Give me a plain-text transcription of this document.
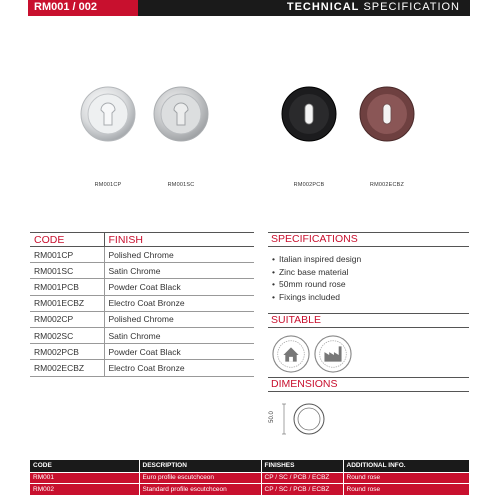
RM001 / 002	TECHNICAL SPECIFICATION
RM001CP	RM001SC	RM002PCB	RM002ECBZ
CODE	FINISH
RM001CP	Polished Chrome
RM001SC	Satin Chrome
RM001PCB	Powder Coat Black
RM001ECBZ	Electro Coat Bronze
RM002CP	Polished Chrome
RM002SC	Satin Chrome
RM002PCB	Powder Coat Black
RM002ECBZ	Electro Coat Bronze
SPECIFICATIONS
• Italian inspired design
• Zinc base material
• 50mm round rose
• Fixings included
SUITABLE
DIMENSIONS
50.0
CODE	DESCRIPTION	FINISHES	ADDITIONAL INFO.
RM001	Euro profile escutchceon	CP / SC / PCB / ECBZ	Round rose
RM002	Standard profile escutchceon	CP / SC / PCB / ECBZ	Round rose
